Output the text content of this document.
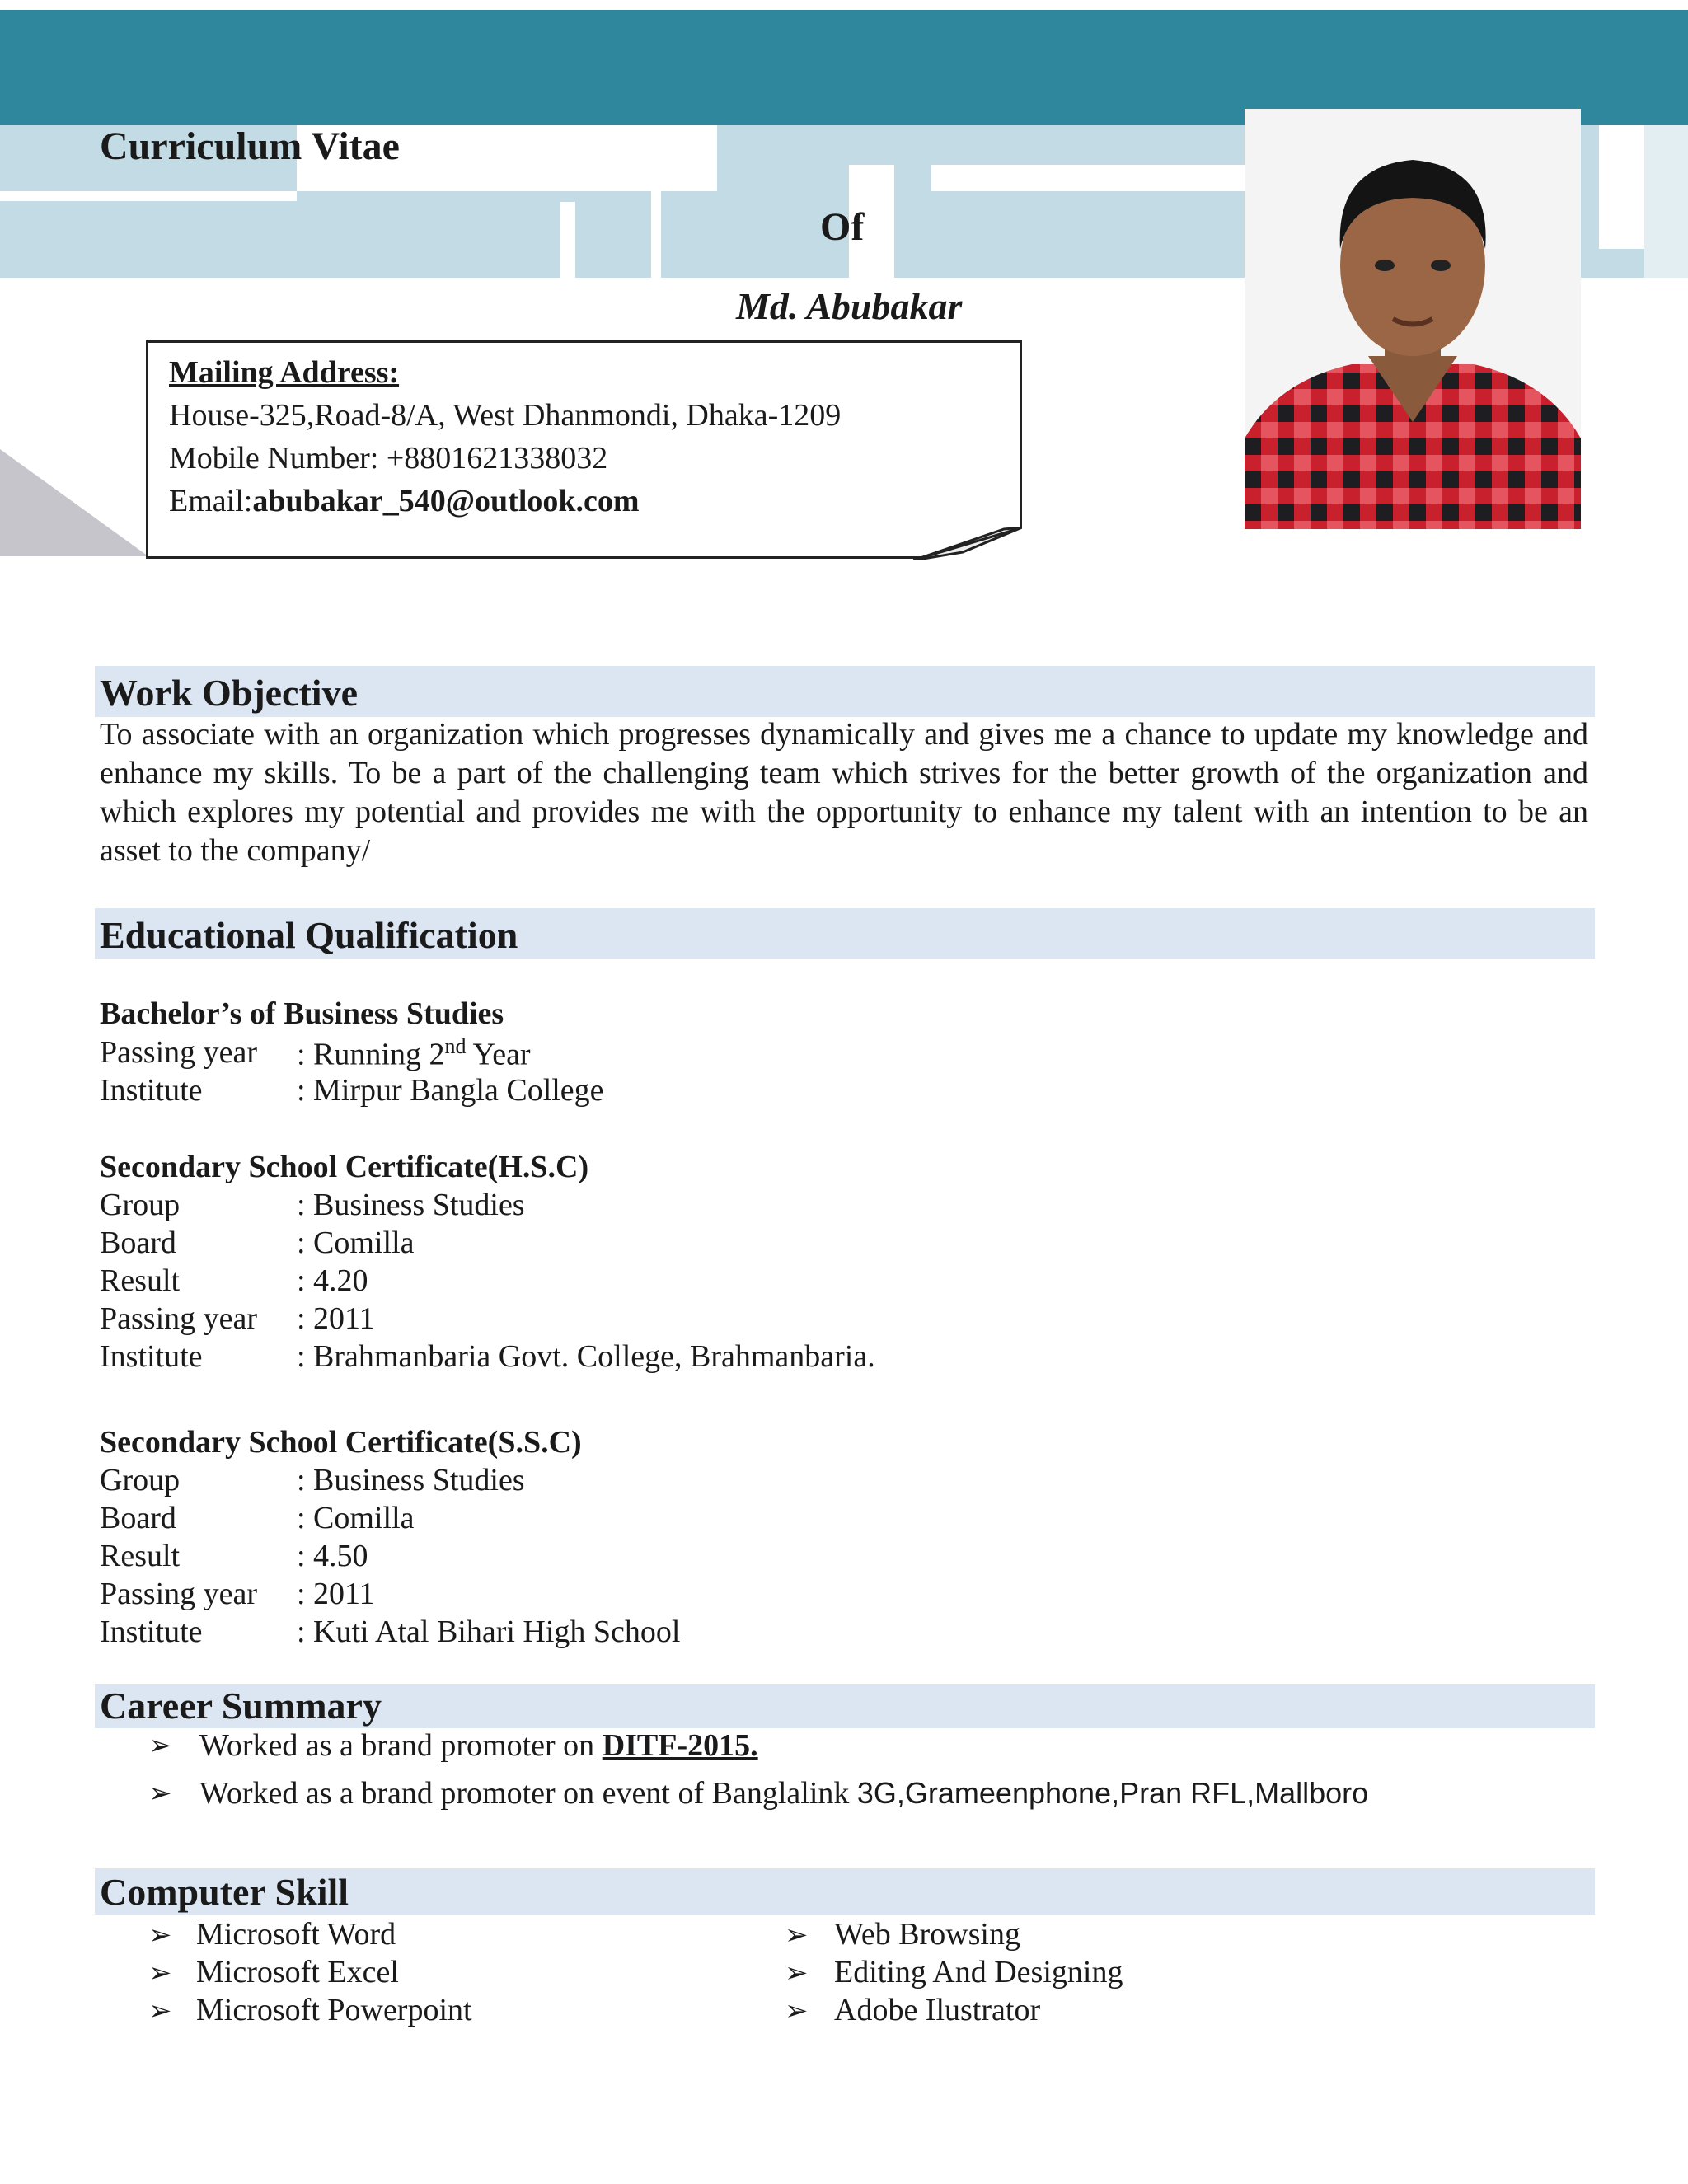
Curriculum Vitae
Of
Md. Abubakar
Mailing Address:
House-325,Road-8/A, West Dhanmondi, Dhaka-1209
Mobile Number: +8801621338032
Email:abubakar_540@outlook.com
Work Objective
To associate with an organization which progresses dynamically and gives me a chance to update my knowledge and enhance my skills. To be a part of the challenging team which strives for the better growth of the organization and which explores my potential and provides me with the opportunity to enhance my talent with an intention to be an asset to the company/
Educational Qualification
Bachelor’s of Business Studies
Passing year : Running 2nd Year
Institute	: Mirpur Bangla College
Secondary School Certificate(H.S.C)
Group	: Business Studies
Board	: Comilla
Result	: 4.20
Passing year : 2011
Institute	: Brahmanbaria Govt. College, Brahmanbaria.
Secondary School Certificate(S.S.C)
Group	: Business Studies
Board	: Comilla
Result	: 4.50
Passing year : 2011
Institute	: Kuti Atal Bihari High School
Career Summary
➢ Worked as a brand promoter on DITF-2015.
➢ Worked as a brand promoter on event of Banglalink 3G,Grameenphone,Pran RFL,Mallboro
Computer Skill
➢ Microsoft Word
➢ Microsoft Excel
➢ Microsoft Powerpoint
➢ Web Browsing
➢ Editing And Designing
➢ Adobe Ilustrator
